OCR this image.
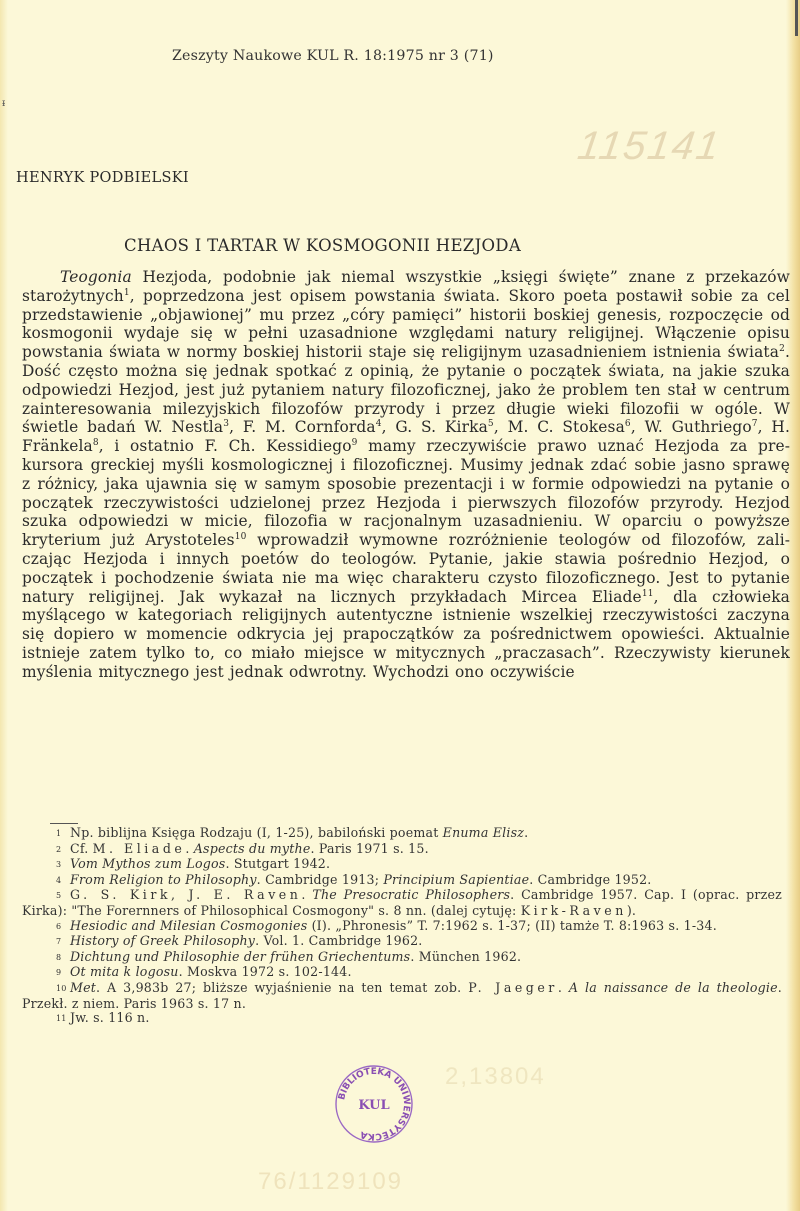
ᵻ
Zeszyty Naukowe KUL R. 18:1975 nr 3 (71)
115141
HENRYK PODBIELSKI
CHAOS I TARTAR W KOSMOGONII HEZJODA
Teogonia Hezjoda, podobnie jak niemal wszystkie „księgi święte” znane z przekazów starożytnych$^1$, poprzedzona jest opisem powstania świata. Skoro poeta postawił sobie za cel przedstawienie „objawionej” mu przez „córy pamięci” historii boskiej genesis, rozpoczęcie od kosmogonii wydaje się w pełni uzasadnione względami natury religijnej. Włączenie opisu powstania świata w normy boskiej historii staje się religijnym uzasadnieniem istnienia świata$^2$. Dość często można się jednak spotkać z opinią, że pytanie o początek świata, na jakie szuka odpowiedzi Hezjod, jest już pytaniem natury filozoficznej, jako że problem ten stał w centrum zainteresowania milezyjskich filozofów przyrody i przez długie wieki filozofii w ogóle. W świetle badań W. Nestla$^3$, F. M. Cornforda$^4$, G. S. Kirka$^5$, M. C. Stokesa$^6$, W. Guthriego$^7$, H. Fränkela$^8$, i ostatnio F. Ch. Kessidiego$^9$ mamy rzeczywiście prawo uznać Hezjoda za prekursora greckiej myśli kosmologicznej i filozoficznej. Musimy jednak zdać sobie jasno sprawę z różnicy, jaka ujawnia się w samym sposobie prezentacji i w formie odpowiedzi na pytanie o początek rzeczywistości udzielonej przez Hezjoda i pierwszych filozofów przyrody. Hezjod szuka odpowiedzi w micie, filozofia w racjonalnym uzasadnieniu. W oparciu o powyższe kryterium już Arystoteles$^{10}$ wprowadził wymowne rozróżnienie teologów od filozofów, zaliczając Hezjoda i innych poetów do teologów. Pytanie, jakie stawia pośrednio Hezjod, o początek i pochodzenie świata nie ma więc charakteru czysto filozoficznego. Jest to pytanie natury religijnej. Jak wykazał na licznych przykładach Mircea Eliade$^{11}$, dla człowieka myślącego w kategoriach religijnych autentyczne istnienie wszelkiej rzeczywistości zaczyna się dopiero w momencie odkrycia jej prapoczątków za pośrednictwem opowieści. Aktualnie istnieje zatem tylko to, co miało miejsce w mitycznych „praczasach”. Rzeczywisty kierunek myślenia mitycznego jest jednak odwrotny. Wychodzi ono oczywiście
1 Np. biblijna Księga Rodzaju (I, 1-25), babiloński poemat Enuma Elisz.
2 Cf. M. Eliade. Aspects du mythe. Paris 1971 s. 15.
3 Vom Mythos zum Logos. Stutgart 1942.
4 From Religion to Philosophy. Cambridge 1913; Principium Sapientiae. Cambridge 1952.
5 G. S. Kirk, J. E. Raven. The Presocratic Philosophers. Cambridge 1957. Cap. I (oprac. przez Kirka): "The Forernners of Philosophical Cosmogony" s. 8 nn. (dalej cytuję: Kirk-Raven).
6 Hesiodic and Milesian Cosmogonies (I). „Phronesis” T. 7:1962 s. 1-37; (II) tamże T. 8:1963 s. 1-34.
7 History of Greek Philosophy. Vol. 1. Cambridge 1962.
8 Dichtung und Philosophie der frühen Griechentums. München 1962.
9 Ot mita k logosu. Moskva 1972 s. 102-144.
10 Met. A 3,983b 27; bliższe wyjaśnienie na ten temat zob. P. Jaeger. A la naissance de la theologie. Przekł. z niem. Paris 1963 s. 17 n.
11 Jw. s. 116 n.
BIBLIOTEKA UNIWERSYTECKA
KUL
2,13804
76/1129109
